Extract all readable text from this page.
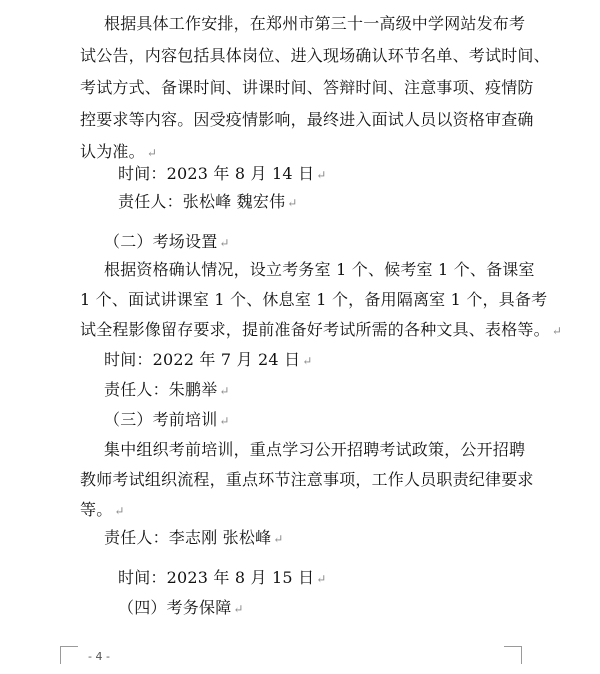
根据具体工作安排，在郑州市第三十一高级中学网站发布考
试公告，内容包括具体岗位、进入现场确认环节名单、考试时间、
考试方式、备课时间、讲课时间、答辩时间、注意事项、疫情防
控要求等内容。因受疫情影响，最终进入面试人员以资格审查确
认为准。 ↵
时间：2023 年 8 月 14 日 ↵
责任人：张松峰 魏宏伟 ↵
（二）考场设置 ↵
根据资格确认情况，设立考务室 1 个、候考室 1 个、备课室
1 个、面试讲课室 1 个、休息室 1 个，备用隔离室 1 个，具备考
试全程影像留存要求，提前准备好考试所需的各种文具、表格等。 ↵
时间：2022 年 7 月 24 日 ↵
责任人：朱鹏举 ↵
（三）考前培训 ↵
集中组织考前培训，重点学习公开招聘考试政策，公开招聘
教师考试组织流程，重点环节注意事项，工作人员职责纪律要求
等。 ↵
责任人：李志刚 张松峰 ↵
时间：2023 年 8 月 15 日 ↵
（四）考务保障 ↵
- 4 -
